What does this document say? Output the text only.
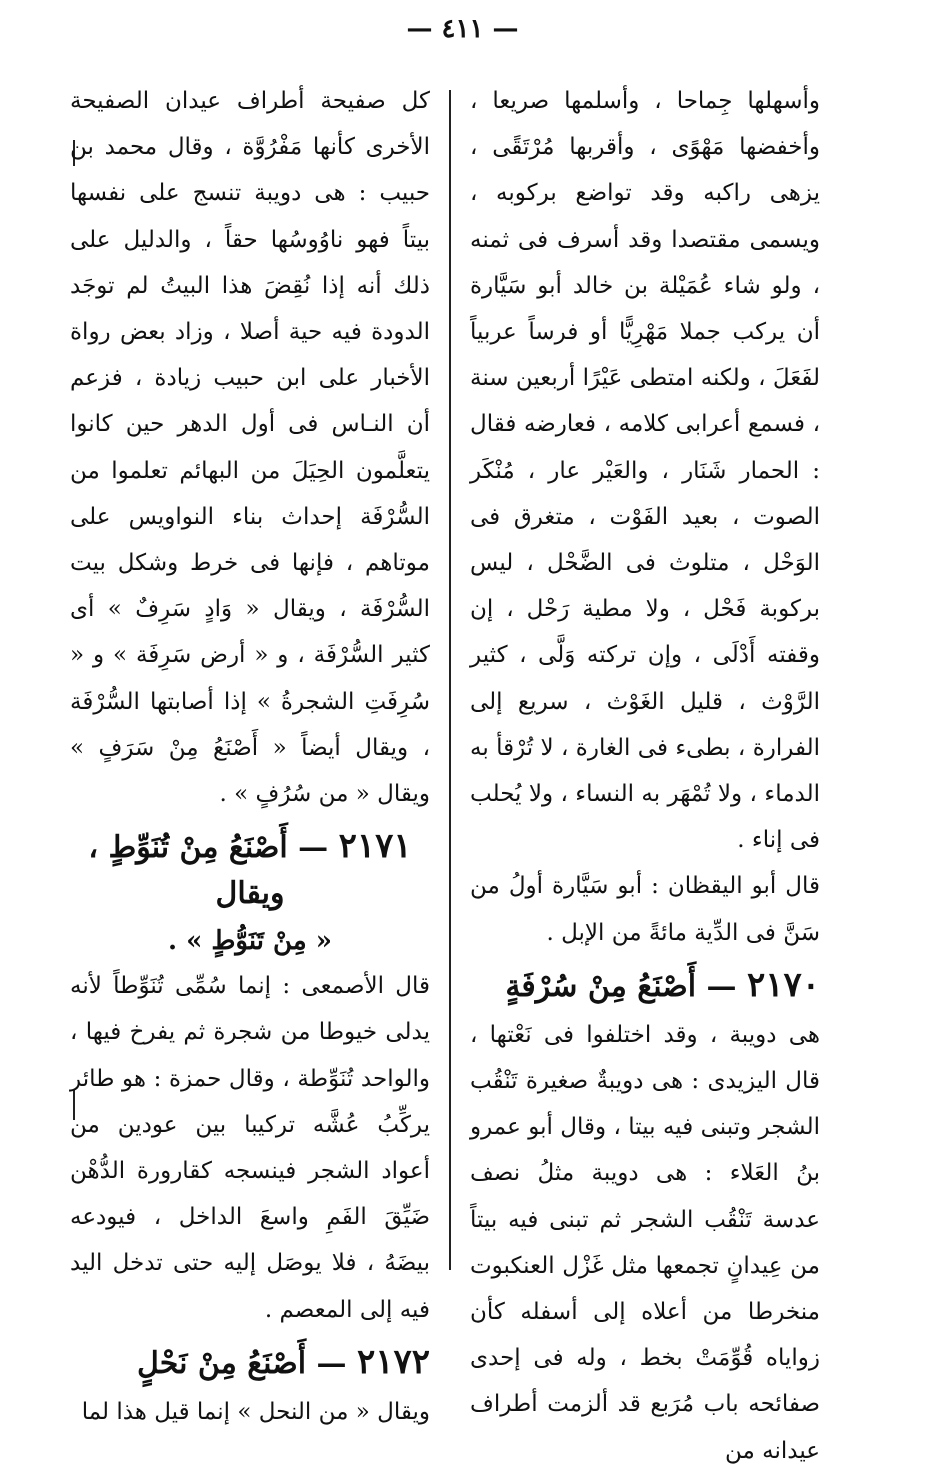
— ٤١١ —

وأسهلها جِماحا ، وأسلمها صريعا ، وأخفضها مَهْوًى ، وأقربها مُرْتَقًى ، يزهى راكبه وقد تواضع بركوبه ، ويسمى مقتصدا وقد أسرف فى ثمنه ، ولو شاء عُمَيْلة بن خالد أبو سَيَّارة أن يركب جملا مَهْرِيًّا أو فرساً عربياً لفَعَلَ ، ولكنه امتطى عَيْرًا أربعين سنة ، فسمع أعرابى كلامه ، فعارضه فقال : الحمار شَنَار ، والعَيْر عار ، مُنْكَر الصوت ، بعيد الفَوْت ، متغرق فى الوَحْل ، متلوث فى الضَّحْل ، ليس بركوبة فَحْل ، ولا مطية رَحْل ، إن وقفته أَدْلَى ، وإن تركته وَلَّى ، كثير الرَّوْث ، قليل الغَوْث ، سريع إلى الفرارة ، بطىء فى الغارة ، لا تُرْقأ به الدماء ، ولا تُمْهَر به النساء ، ولا يُحلب فى إناء .

قال أبو اليقظان : أبو سَيَّارة أولُ من سَنَّ فى الدِّية مائةً من الإبل .

٢١٧٠ — أَصْنَعُ مِنْ سُرْفَةٍ

هى دويبة ، وقد اختلفوا فى نَعْتها ، قال اليزيدى : هى دويبةٌ صغيرة تَنْقُب الشجر وتبنى فيه بيتا ، وقال أبو عمرو بنُ العَلاء : هى دويبة مثلُ نصف عدسة تَنْقُب الشجر ثم تبنى فيه بيتاً من عِيدانٍ تجمعها مثل غَزْل العنكبوت منخرطا من أعلاه إلى أسفله كأن زواياه قُوِّمَتْ بخط ، وله فى إحدى صفائحه باب مُرَبع قد ألزمت أطراف عيدانه من

كل صفيحة أطراف عيدان الصفيحة الأخرى كأنها مَفْرُوَّة ، وقال محمد بن حبيب : هى دويبة تنسج على نفسها بيتاً فهو ناوُوسُها حقاً ، والدليل على ذلك أنه إذا نُقِضَ هذا البيتُ لم توجَد الدودة فيه حية أصلا ، وزاد بعض رواة الأخبار على ابن حبيب زيادة ، فزعم أن النـاس فى أول الدهر حين كانوا يتعلَّمون الحِيَلَ من البهائم تعلموا من السُّرْفَة إحداث بناء النواويس على موتاهم ، فإنها فى خرط وشكل بيت السُّرْفَة ، ويقال « وَادٍ سَرِفٌ » أى كثير السُّرْفَة ، و « أرض سَرِفَة » و « سُرِفَتِ الشجرةُ » إذا أصابتها السُّرْفَة ، ويقال أيضاً « أَصْنَعُ مِنْ سَرَفٍ » ويقال « من سُرُفٍ » .

٢١٧١ — أَصْنَعُ مِنْ تُنَوِّطٍ ، ويقال

« مِنْ تَنَوُّطٍ » .

قال الأصمعى : إنما سُمِّى تُنَوِّطاً لأنه يدلى خيوطا من شجرة ثم يفرخ فيها ، والواحد تُنَوِّطة ، وقال حمزة : هو طائر يركِّبُ عُشَّه تركيبا بين عودين من أعواد الشجر فينسجه كقارورة الدُّهْن ضَيِّقَ الفَمِ واسعَ الداخل ، فيودعه بيضَهُ ، فلا يوصَل إليه حتى تدخل اليد فيه إلى المعصم .

٢١٧٢ — أَصْنَعُ مِنْ نَحْلٍ

ويقال « من النحل » إنما قيل هذا لما
